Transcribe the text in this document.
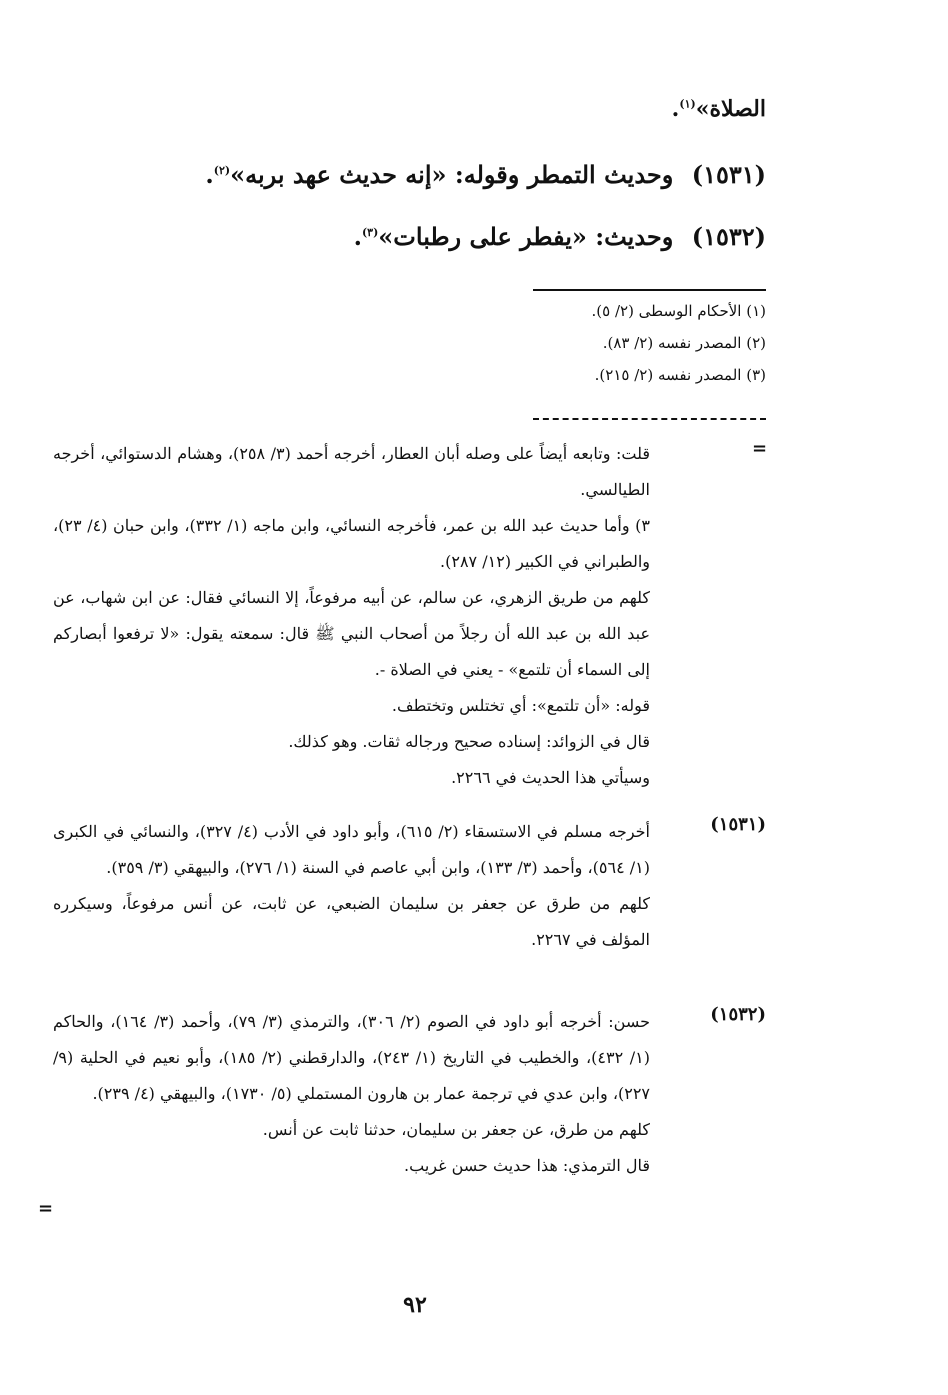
الصلاة»$^{(١)}$.
(١٥٣١) وحديث التمطر وقوله: «إنه حديث عهد بربه»$^{(٢)}$.
(١٥٣٢) وحديث: «يفطر على رطبات»$^{(٣)}$.
(١) الأحكام الوسطى (٢/ ٥).
(٢) المصدر نفسه (٢/ ٨٣).
(٣) المصدر نفسه (٢/ ٢١٥).
=

قلت: وتابعه أيضاً على وصله أبان العطار، أخرجه أحمد (٣/ ٢٥٨)، وهشام الدستوائي، أخرجه الطيالسي.

٣) وأما حديث عبد الله بن عمر، فأخرجه النسائي، وابن ماجه (١/ ٣٣٢)، وابن حبان (٤/ ٢٣)، والطبراني في الكبير (١٢/ ٢٨٧).

كلهم من طريق الزهري، عن سالم، عن أبيه مرفوعاً، إلا النسائي فقال: عن ابن شهاب، عن عبد الله بن عبد الله أن رجلاً من أصحاب النبي ﷺ قال: سمعته يقول: «لا ترفعوا أبصاركم إلى السماء أن تلتمع» - يعني في الصلاة -.

قوله: «أن تلتمع»: أي تختلس وتختطف.

قال في الزوائد: إسناده صحيح ورجاله ثقات. وهو كذلك.

وسيأتي هذا الحديث في ٢٢٦٦.

(١٥٣١)

أخرجه مسلم في الاستسقاء (٢/ ٦١٥)، وأبو داود في الأدب (٤/ ٣٢٧)، والنسائي في الكبرى (١/ ٥٦٤)، وأحمد (٣/ ١٣٣)، وابن أبي عاصم في السنة (١/ ٢٧٦)، والبيهقي (٣/ ٣٥٩).

كلهم من طرق عن جعفر بن سليمان الضبعي، عن ثابت، عن أنس مرفوعاً، وسيكرره المؤلف في ٢٢٦٧.

(١٥٣٢)

حسن: أخرجه أبو داود في الصوم (٢/ ٣٠٦)، والترمذي (٣/ ٧٩)، وأحمد (٣/ ١٦٤)، والحاكم (١/ ٤٣٢)، والخطيب في التاريخ (١/ ٢٤٣)، والدارقطني (٢/ ١٨٥)، وأبو نعيم في الحلية (٩/ ٢٢٧)، وابن عدي في ترجمة عمار بن هارون المستملي (٥/ ١٧٣٠)، والبيهقي (٤/ ٢٣٩).

كلهم من طرق، عن جعفر بن سليمان، حدثنا ثابت عن أنس.

قال الترمذي: هذا حديث حسن غريب.

=
٩٢
